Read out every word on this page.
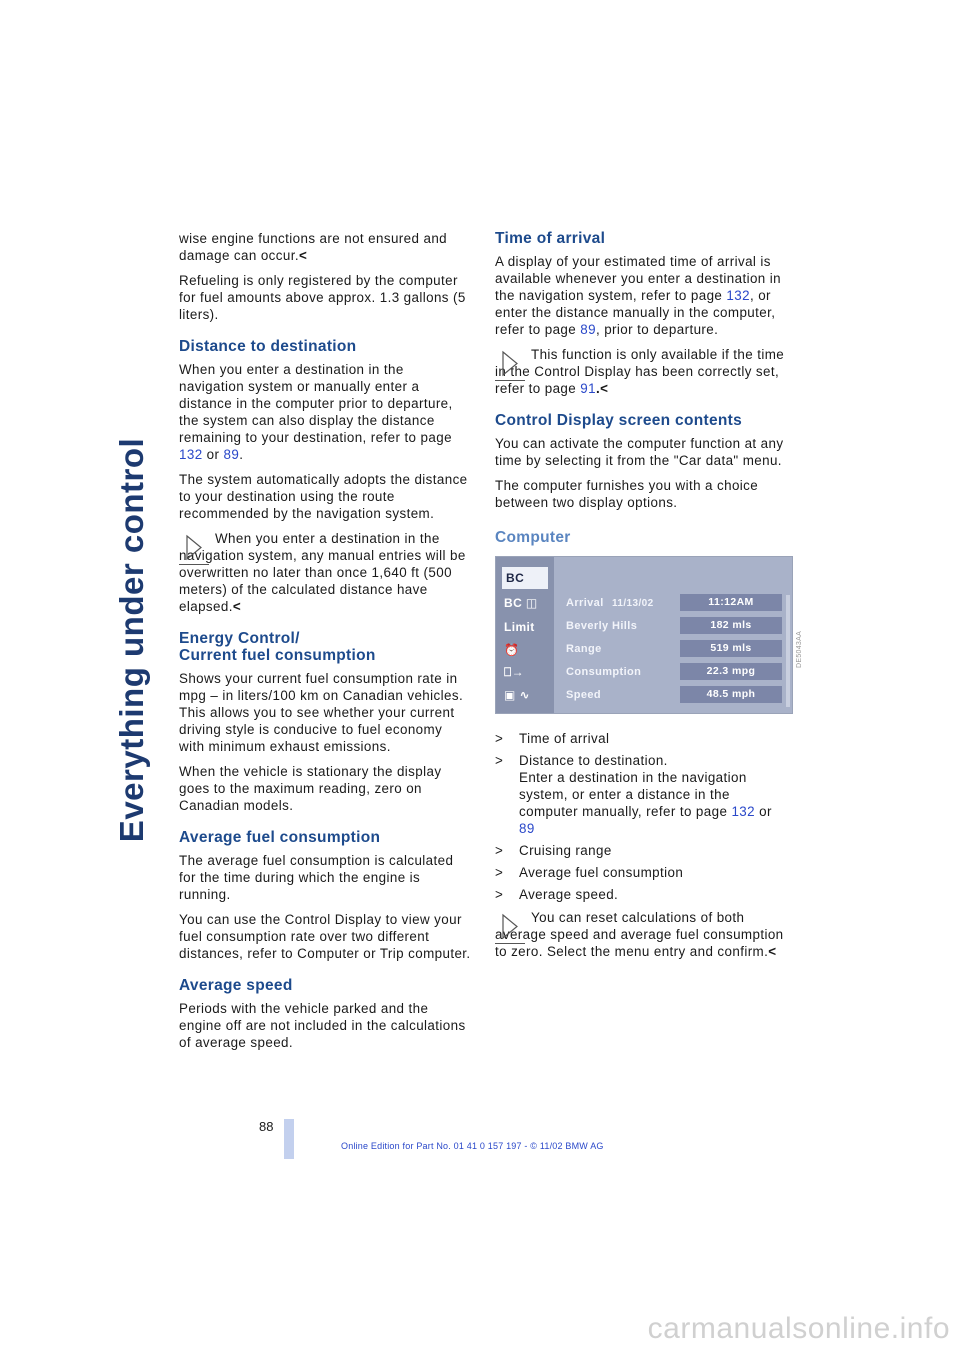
Everything under control

wise engine functions are not ensured and damage can occur.<

Refueling is only registered by the computer for fuel amounts above approx. 1.3 gallons (5 liters).

Distance to destination

When you enter a destination in the navigation system or manually enter a distance in the computer prior to departure, the system can also display the distance remaining to your destination, refer to page 132 or 89.

The system automatically adopts the distance to your destination using the route recommended by the navigation system.

When you enter a destination in the navigation system, any manual entries will be overwritten no later than once 1,640 ft (500 meters) of the calculated distance have elapsed.<
Energy Control/
Current fuel consumption

Shows your current fuel consumption rate in mpg – in liters/100 km on Canadian vehicles. This allows you to see whether your current driving style is conducive to fuel economy with minimum exhaust emissions.

When the vehicle is stationary the display goes to the maximum reading, zero on Canadian models.

Average fuel consumption

The average fuel consumption is calculated for the time during which the engine is running.

You can use the Control Display to view your fuel consumption rate over two different distances, refer to Computer or Trip computer.

Average speed

Periods with the vehicle parked and the engine off are not included in the calculations of average speed.

Time of arrival

A display of your estimated time of arrival is available whenever you enter a destination in the navigation system, refer to page 132, or enter the distance manually in the computer, refer to page 89, prior to departure.

This function is only available if the time in the Control Display has been correctly set, refer to page 91.<
Control Display screen contents

You can activate the computer function at any time by selecting it from the "Car data" menu.

The computer furnishes you with a choice between two display options.

Computer
BC
BC ◫
Limit
⏰
⎕→
▣ ∿
Arrival 11/13/02	11:12AM
Beverly Hills	182 mls
Range	519 mls
Consumption	22.3 mpg
Speed	48.5 mph
> Time of arrival
> Distance to destination.
Enter a destination in the navigation system, or enter a distance in the computer manually, refer to page 132 or 89
> Cruising range
> Average fuel consumption
> Average speed.
You can reset calculations of both average speed and average fuel consumption to zero. Select the menu entry and confirm.<
DE5043AA
88
Online Edition for Part No. 01 41 0 157 197 - © 11/02 BMW AG
carmanualsonline.info
